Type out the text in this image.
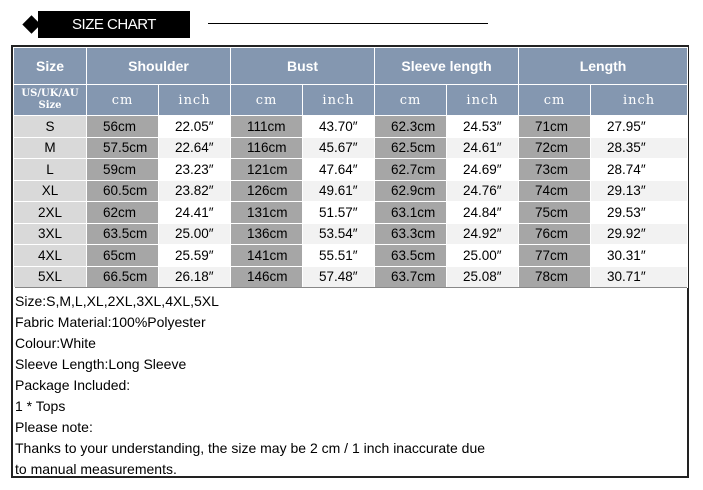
SIZE CHART
Size	Shoulder		Bust		Sleeve length		Length	
US/UK/AU
Size	cm	inch	cm	inch	cm	inch	cm	inch
S	56cm	22.05″	111cm	43.70″	62.3cm	24.53″	71cm	27.95″
M	57.5cm	22.64″	116cm	45.67″	62.5cm	24.61″	72cm	28.35″
L	59cm	23.23″	121cm	47.64″	62.7cm	24.69″	73cm	28.74″
XL	60.5cm	23.82″	126cm	49.61″	62.9cm	24.76″	74cm	29.13″
2XL	62cm	24.41″	131cm	51.57″	63.1cm	24.84″	75cm	29.53″
3XL	63.5cm	25.00″	136cm	53.54″	63.3cm	24.92″	76cm	29.92″
4XL	65cm	25.59″	141cm	55.51″	63.5cm	25.00″	77cm	30.31″
5XL	66.5cm	26.18″	146cm	57.48″	63.7cm	25.08″	78cm	30.71″
Size:S,M,L,XL,2XL,3XL,4XL,5XL
Fabric Material:100%Polyester
Colour:White
Sleeve Length:Long Sleeve
Package Included:
1 * Tops
Please note:
Thanks to your understanding, the size may be 2 cm / 1 inch inaccurate due
to manual measurements.
